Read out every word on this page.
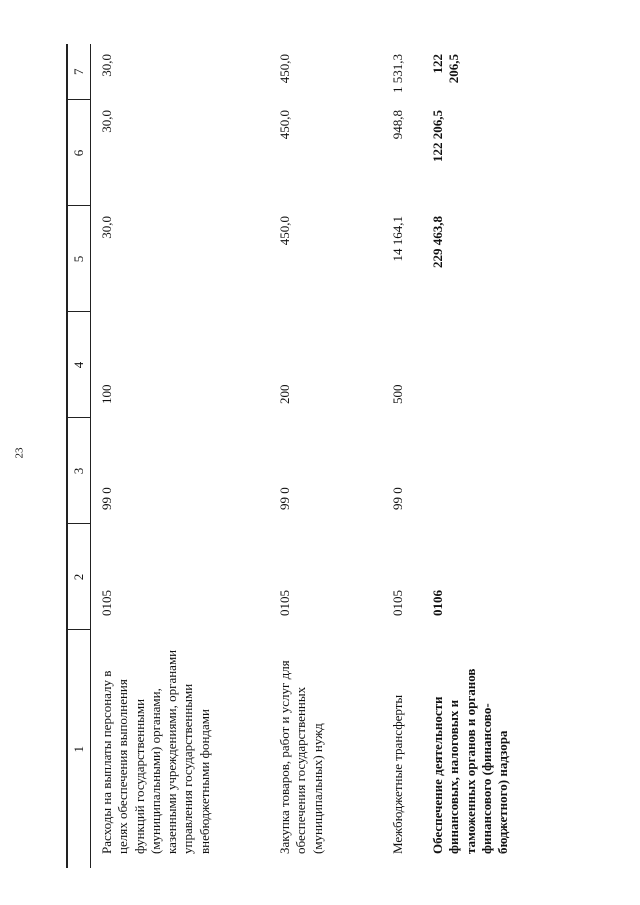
23

1	2	3	4	5	6	7
Расходы на выплаты персоналу в целях обеспечения выполнения функций государственными (муниципальными) органами, казенными учреждениями, органами управления государственными внебюджетными фондами	0105	99 0	100	30,0	30,0	30,0
Закупка товаров, работ и услуг для обеспечения государственных (муниципальных) нужд	0105	99 0	200	450,0	450,0	450,0
Межбюджетные трансферты	0105	99 0	500	14 164,1	948,8	1 531,3
Обеспечение деятельности финансовых, налоговых и таможенных органов и органов финансового (финансово-бюджетного) надзора	0106			229 463,8	122 206,5	122 206,5
